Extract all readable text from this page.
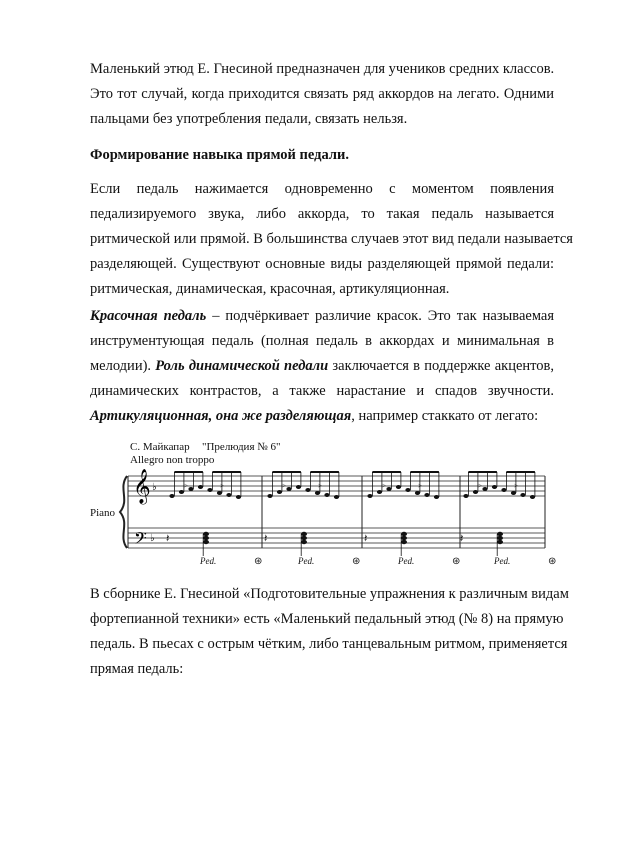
Маленький этюд Е. Гнесиной предназначен для учеников средних классов.
Это тот случай, когда приходится связать ряд аккордов на легато. Одними
пальцами без употребления педали, связать нельзя.
Формирование навыка прямой педали.
Если педаль нажимается одновременно с моментом появления
педализируемого звука, либо аккорда, то такая педаль называется
ритмической или прямой. В большинства случаев этот вид педали называется
разделяющей. Существуют основные виды разделяющей прямой педали:
ритмическая, динамическая, красочная, артикуляционная.
Красочная педаль – подчёркивает различие красок. Это так называемая
инструментующая педаль (полная педаль в аккордах и минимальная в
мелодии). Роль динамической педали заключается в поддержке акцентов,
динамических контрастов, а также нарастание и спадов звучности.
Артикуляционная, она же разделяющая, например стаккато от легато:
С. Майкапар "Прелюдия № 6"
Allegro non troppo
Piano
𝄞
𝄢
♭
♭
>	>
𝄽
>	>
𝄽
>	>
𝄽
>	>
𝄽
Ped.	⊛	Ped.	⊛	Ped.	⊛	Ped.	⊛
В сборнике Е. Гнесиной «Подготовительные упражнения к различным видам
фортепианной техники» есть «Маленький педальный этюд (№ 8) на прямую
педаль. В пьесах с острым чётким, либо танцевальным ритмом, применяется
прямая педаль:
